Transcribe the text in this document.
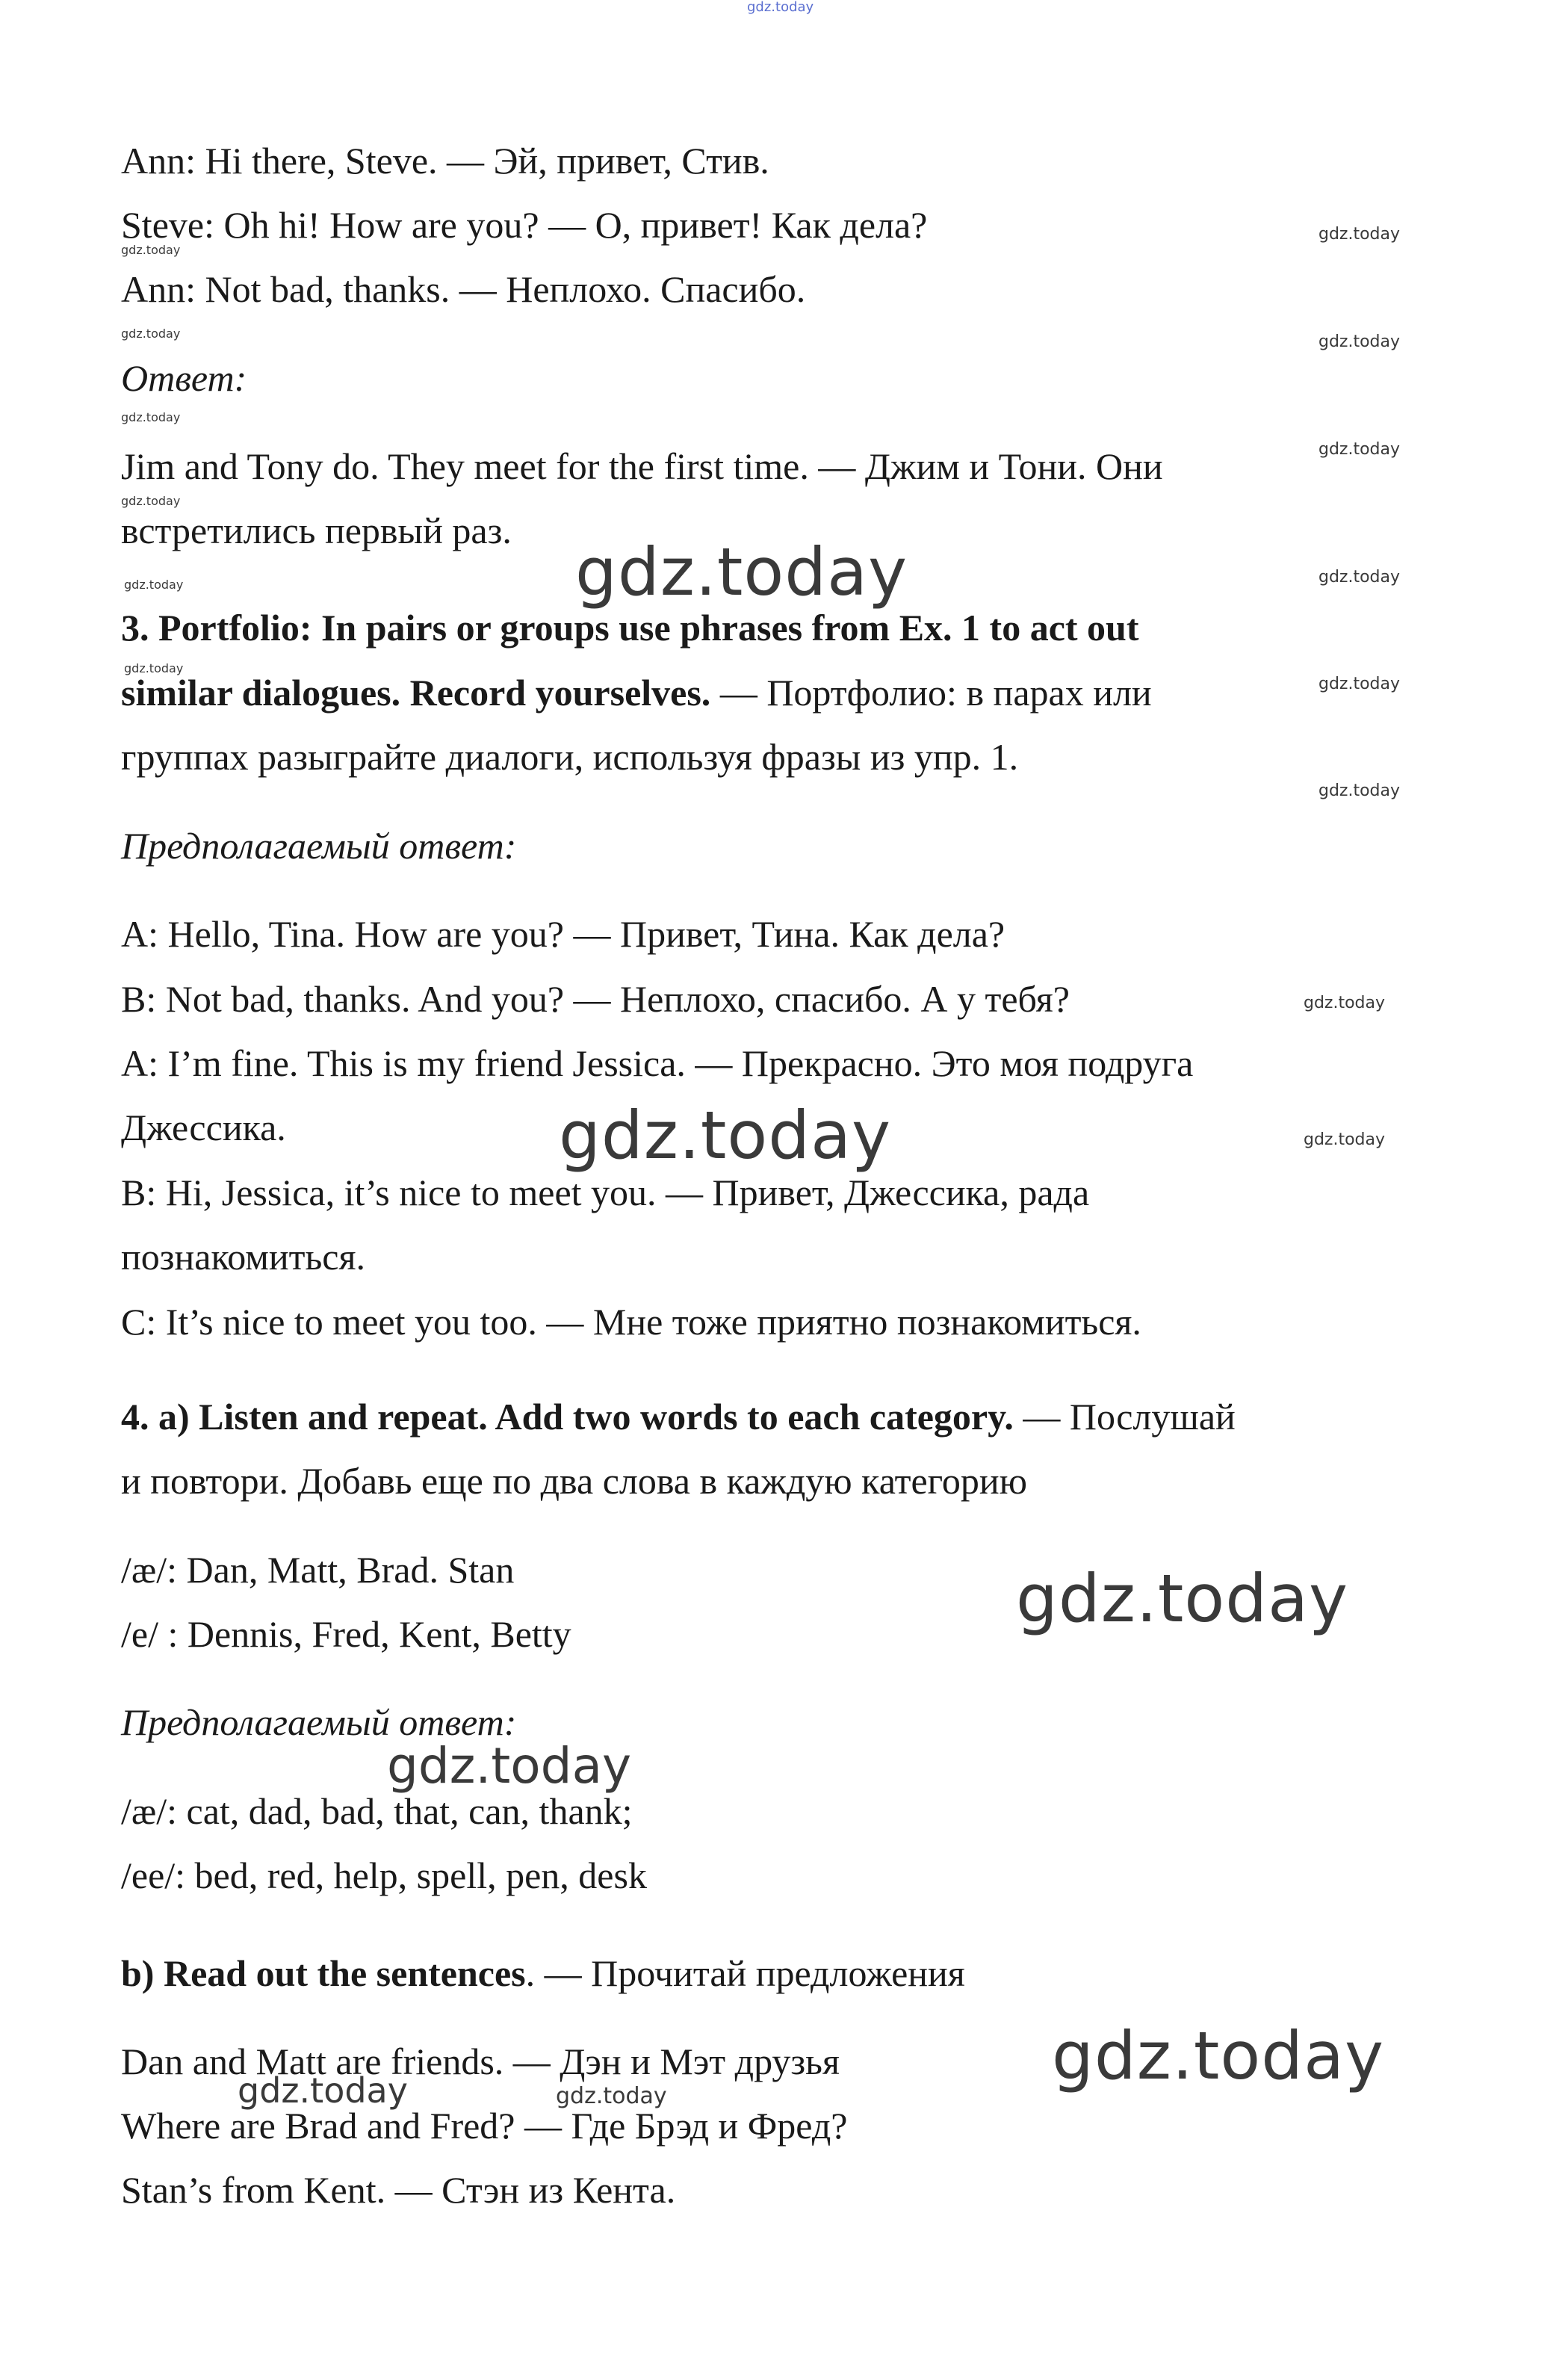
gdz.today
Ann: Hi there, Steve. — Эй, привет, Стив.
Steve: Oh hi! How are you? — О, привет! Как дела?
Ann: Not bad, thanks. — Неплохо. Спасибо.
Ответ:
Jim and Tony do. They meet for the first time. — Джим и Тони. Они
встретились первый раз.
3. Portfolio: In pairs or groups use phrases from Ex. 1 to act out
similar dialogues. Record yourselves. — Портфолио: в парах или
группах разыграйте диалоги, используя фразы из упр. 1.
Предполагаемый ответ:
A: Hello, Tina. How are you? — Привет, Тина. Как дела?
B: Not bad, thanks. And you? — Неплохо, спасибо. А у тебя?
A: I’m fine. This is my friend Jessica. — Прекрасно. Это моя подруга
Джессика.
B: Hi, Jessica, it’s nice to meet you. — Привет, Джессика, рада
познакомиться.
C: It’s nice to meet you too. — Мне тоже приятно познакомиться.
4. a) Listen and repeat. Add two words to each category. — Послушай
и повтори. Добавь еще по два слова в каждую категорию
/æ/: Dan, Matt, Brad. Stan
/e/ : Dennis, Fred, Kent, Betty
Предполагаемый ответ:
/æ/: cat, dad, bad, that, can, thank;
/ee/: bed, red, help, spell, pen, desk
b) Read out the sentences. — Прочитай предложения
Dan and Matt are friends. — Дэн и Мэт друзья
Where are Brad and Fred? — Где Брэд и Фред?
Stan’s from Kent. — Стэн из Кента.
gdz.today
gdz.today
gdz.today
gdz.today
gdz.today
gdz.today
gdz.today
gdz.today
gdz.today
gdz.today
gdz.today
gdz.today
gdz.today
gdz.today
gdz.today
gdz.today
gdz.today
gdz.today
gdz.today
gdz.today	gdz.today
